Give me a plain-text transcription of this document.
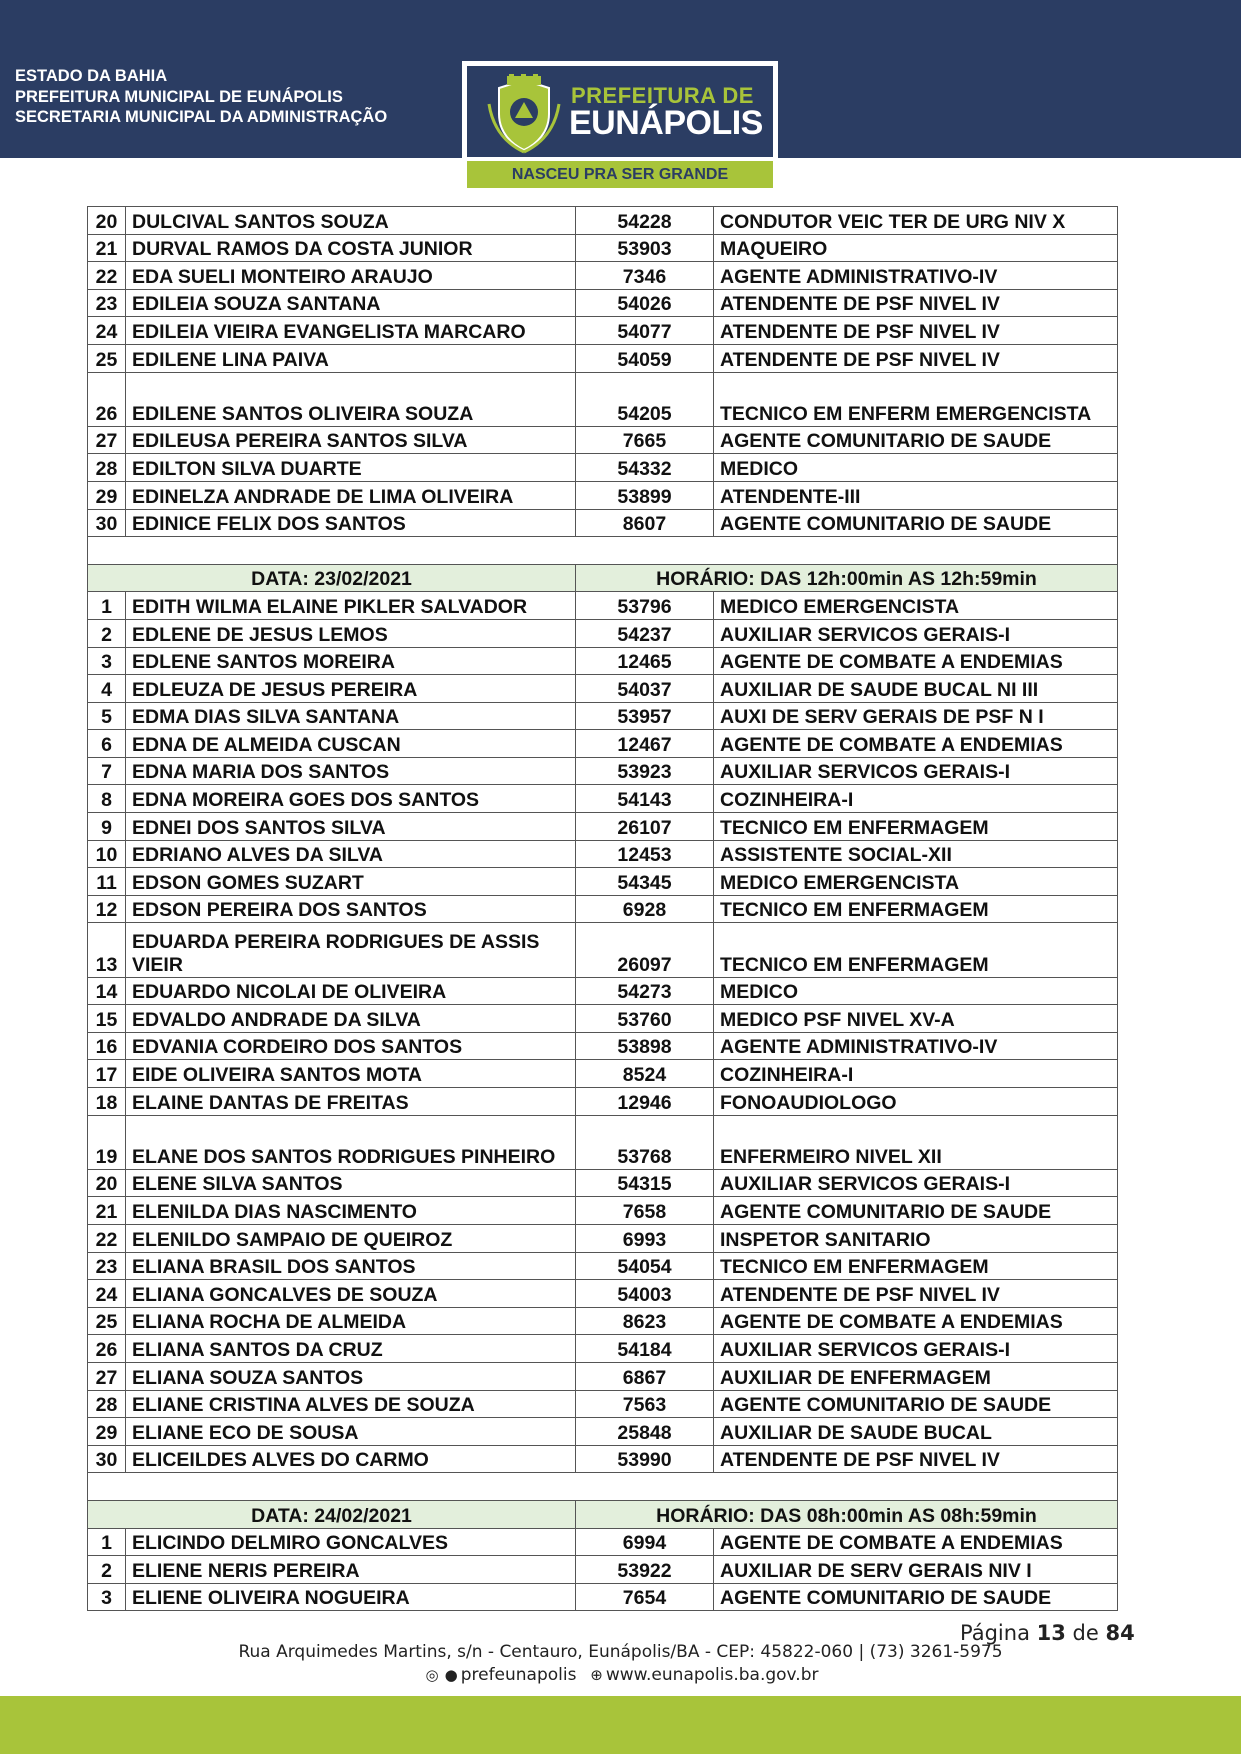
ESTADO DA BAHIA
PREFEITURA MUNICIPAL DE EUNÁPOLIS
SECRETARIA MUNICIPAL DA ADMINISTRAÇÃO
PREFEITURA DE
EUNÁPOLIS
NASCEU PRA SER GRANDE
20	DULCIVAL SANTOS SOUZA	54228	CONDUTOR VEIC TER DE URG NIV X
21	DURVAL RAMOS DA COSTA JUNIOR	53903	MAQUEIRO
22	EDA SUELI MONTEIRO ARAUJO	7346	AGENTE ADMINISTRATIVO-IV
23	EDILEIA SOUZA SANTANA	54026	ATENDENTE DE PSF NIVEL IV
24	EDILEIA VIEIRA EVANGELISTA MARCARO	54077	ATENDENTE DE PSF NIVEL IV
25	EDILENE LINA PAIVA	54059	ATENDENTE DE PSF NIVEL IV
26	EDILENE SANTOS OLIVEIRA SOUZA	54205	TECNICO EM ENFERM EMERGENCISTA
27	EDILEUSA PEREIRA SANTOS SILVA	7665	AGENTE COMUNITARIO DE SAUDE
28	EDILTON SILVA DUARTE	54332	MEDICO
29	EDINELZA ANDRADE DE LIMA OLIVEIRA	53899	ATENDENTE-III
30	EDINICE FELIX DOS SANTOS	8607	AGENTE COMUNITARIO DE SAUDE

DATA: 23/02/2021		HORÁRIO: DAS 12h:00min AS 12h:59min	
1	EDITH WILMA ELAINE PIKLER SALVADOR	53796	MEDICO EMERGENCISTA
2	EDLENE DE JESUS LEMOS	54237	AUXILIAR SERVICOS GERAIS-I
3	EDLENE SANTOS MOREIRA	12465	AGENTE DE COMBATE A ENDEMIAS
4	EDLEUZA DE JESUS PEREIRA	54037	AUXILIAR DE SAUDE BUCAL NI III
5	EDMA DIAS SILVA SANTANA	53957	AUXI DE SERV GERAIS DE PSF N I
6	EDNA DE ALMEIDA CUSCAN	12467	AGENTE DE COMBATE A ENDEMIAS
7	EDNA MARIA DOS SANTOS	53923	AUXILIAR SERVICOS GERAIS-I
8	EDNA MOREIRA GOES DOS SANTOS	54143	COZINHEIRA-I
9	EDNEI DOS SANTOS SILVA	26107	TECNICO EM ENFERMAGEM
10	EDRIANO ALVES DA SILVA	12453	ASSISTENTE SOCIAL-XII
11	EDSON GOMES SUZART	54345	MEDICO EMERGENCISTA
12	EDSON PEREIRA DOS SANTOS	6928	TECNICO EM ENFERMAGEM
13	EDUARDA PEREIRA RODRIGUES DE ASSIS VIEIR	26097	TECNICO EM ENFERMAGEM
14	EDUARDO NICOLAI DE OLIVEIRA	54273	MEDICO
15	EDVALDO ANDRADE DA SILVA	53760	MEDICO PSF NIVEL XV-A
16	EDVANIA CORDEIRO DOS SANTOS	53898	AGENTE ADMINISTRATIVO-IV
17	EIDE OLIVEIRA SANTOS MOTA	8524	COZINHEIRA-I
18	ELAINE DANTAS DE FREITAS	12946	FONOAUDIOLOGO
19	ELANE DOS SANTOS RODRIGUES PINHEIRO	53768	ENFERMEIRO NIVEL XII
20	ELENE SILVA SANTOS	54315	AUXILIAR SERVICOS GERAIS-I
21	ELENILDA DIAS NASCIMENTO	7658	AGENTE COMUNITARIO DE SAUDE
22	ELENILDO SAMPAIO DE QUEIROZ	6993	INSPETOR SANITARIO
23	ELIANA BRASIL DOS SANTOS	54054	TECNICO EM ENFERMAGEM
24	ELIANA GONCALVES DE SOUZA	54003	ATENDENTE DE PSF NIVEL IV
25	ELIANA ROCHA DE ALMEIDA	8623	AGENTE DE COMBATE A ENDEMIAS
26	ELIANA SANTOS DA CRUZ	54184	AUXILIAR SERVICOS GERAIS-I
27	ELIANA SOUZA SANTOS	6867	AUXILIAR DE ENFERMAGEM
28	ELIANE CRISTINA ALVES DE SOUZA	7563	AGENTE COMUNITARIO DE SAUDE
29	ELIANE ECO DE SOUSA	25848	AUXILIAR DE SAUDE BUCAL
30	ELICEILDES ALVES DO CARMO	53990	ATENDENTE DE PSF NIVEL IV

DATA: 24/02/2021		HORÁRIO: DAS 08h:00min AS 08h:59min	
1	ELICINDO DELMIRO GONCALVES	6994	AGENTE DE COMBATE A ENDEMIAS
2	ELIENE NERIS PEREIRA	53922	AUXILIAR DE SERV GERAIS NIV I
3	ELIENE OLIVEIRA NOGUEIRA	7654	AGENTE COMUNITARIO DE SAUDE
Página 13 de 84
Rua Arquimedes Martins, s/n - Centauro, Eunápolis/BA - CEP: 45822-060 | (73) 3261-5975
◎ ● prefeunapolis ⊕ www.eunapolis.ba.gov.br
